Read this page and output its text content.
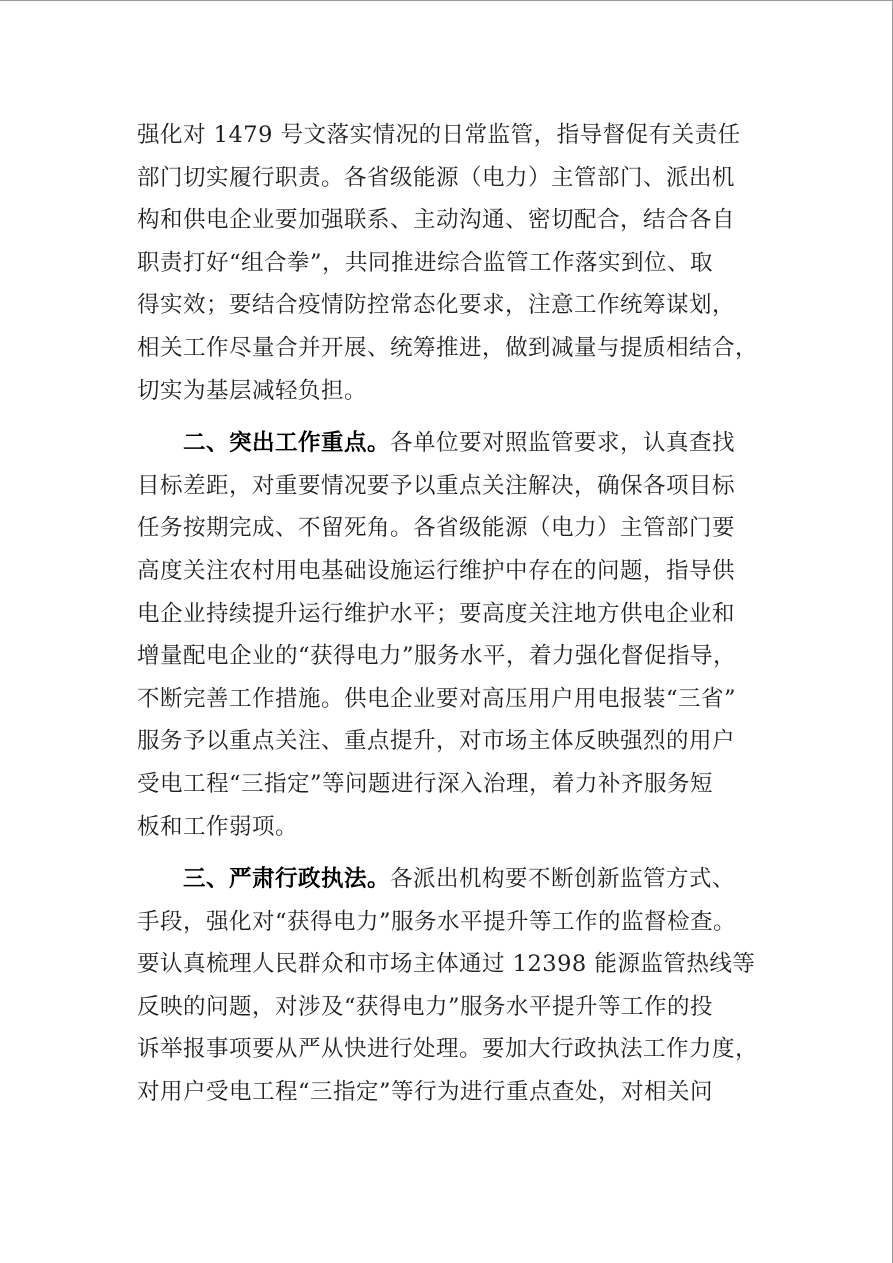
强化对 1479 号文落实情况的日常监管，指导督促有关责任
部门切实履行职责。各省级能源（电力）主管部门、派出机
构和供电企业要加强联系、主动沟通、密切配合，结合各自
职责打好“组合拳”，共同推进综合监管工作落实到位、取
得实效；要结合疫情防控常态化要求，注意工作统筹谋划，
相关工作尽量合并开展、统筹推进，做到减量与提质相结合，
切实为基层减轻负担。
二、突出工作重点。各单位要对照监管要求，认真查找
目标差距，对重要情况要予以重点关注解决，确保各项目标
任务按期完成、不留死角。各省级能源（电力）主管部门要
高度关注农村用电基础设施运行维护中存在的问题，指导供
电企业持续提升运行维护水平；要高度关注地方供电企业和
增量配电企业的“获得电力”服务水平，着力强化督促指导，
不断完善工作措施。供电企业要对高压用户用电报装“三省”
服务予以重点关注、重点提升，对市场主体反映强烈的用户
受电工程“三指定”等问题进行深入治理，着力补齐服务短
板和工作弱项。
三、严肃行政执法。各派出机构要不断创新监管方式、
手段，强化对“获得电力”服务水平提升等工作的监督检查。
要认真梳理人民群众和市场主体通过 12398 能源监管热线等
反映的问题，对涉及“获得电力”服务水平提升等工作的投
诉举报事项要从严从快进行处理。要加大行政执法工作力度，
对用户受电工程“三指定”等行为进行重点查处，对相关问
